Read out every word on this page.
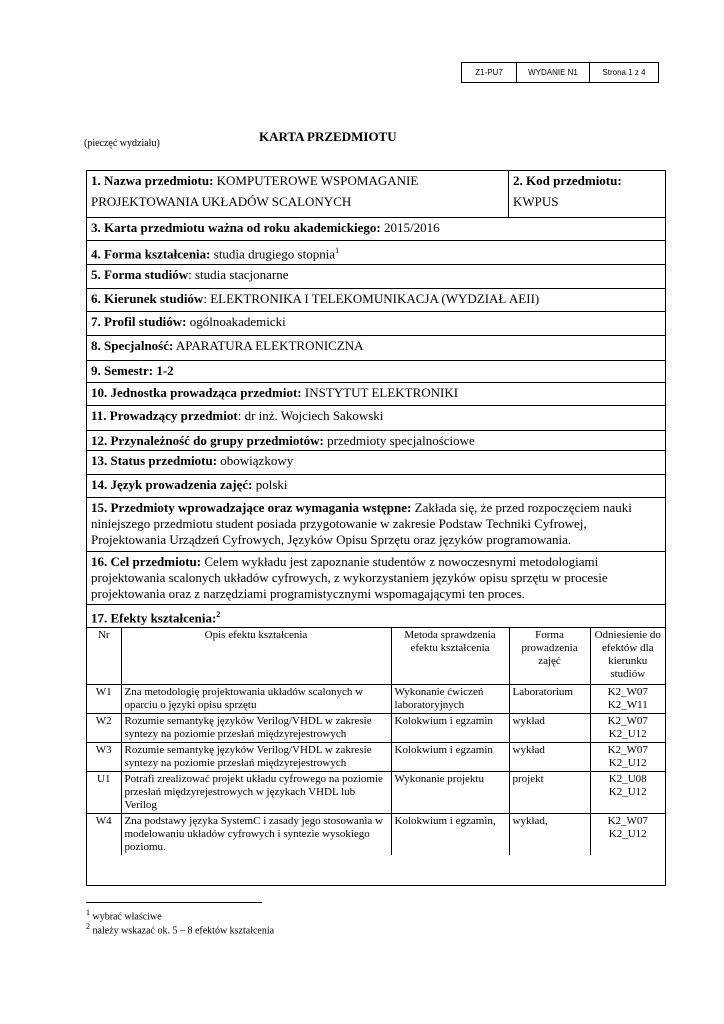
Z1-PU7	WYDANIE N1	Strona 1 z 4
(pieczęć wydziału)	KARTA PRZEDMIOTU
1. Nazwa przedmiotu: KOMPUTEROWE WSPOMAGANIE
PROJEKTOWANIA UKŁADÓW SCALONYCH
2. Kod przedmiotu:
KWPUS
3. Karta przedmiotu ważna od roku akademickiego: 2015/2016
4. Forma kształcenia: studia drugiego stopnia$^1$
5. Forma studiów: studia stacjonarne
6. Kierunek studiów: ELEKTRONIKA I TELEKOMUNIKACJA (WYDZIAŁ AEII)
7. Profil studiów: ogólnoakademicki
8. Specjalność: APARATURA ELEKTRONICZNA
9. Semestr: 1-2
10. Jednostka prowadząca przedmiot: INSTYTUT ELEKTRONIKI
11. Prowadzący przedmiot: dr inż. Wojciech Sakowski
12. Przynależność do grupy przedmiotów: przedmioty specjalnościowe
13. Status przedmiotu: obowiązkowy
14. Język prowadzenia zajęć: polski
15. Przedmioty wprowadzające oraz wymagania wstępne: Zakłada się, że przed rozpoczęciem nauki niniejszego przedmiotu student posiada przygotowanie w zakresie Podstaw Techniki Cyfrowej, Projektowania Urządzeń Cyfrowych, Języków Opisu Sprzętu oraz języków programowania.
16. Cel przedmiotu: Celem wykładu jest zapoznanie studentów z nowoczesnymi metodologiami projektowania scalonych układów cyfrowych, z wykorzystaniem języków opisu sprzętu w procesie projektowania oraz z narzędziami programistycznymi wspomagającymi ten proces.
17. Efekty kształcenia:$^2$
Nr	Opis efektu kształcenia	Metoda sprawdzenia efektu kształcenia	Forma prowadzenia zajęć	Odniesienie do efektów dla kierunku studiów
W1	Zna metodologię projektowania układów scalonych w oparciu o języki opisu sprzętu	Wykonanie ćwiczeń laboratoryjnych	Laboratorium	K2_W07
K2_W11

W2	Rozumie semantykę języków Verilog/VHDL w zakresie syntezy na poziomie przesłań międzyrejestrowych	Kolokwium i egzamin	wykład	K2_W07
K2_U12

W3	Rozumie semantykę języków Verilog/VHDL w zakresie syntezy na poziomie przesłań międzyrejestrowych	Kolokwium i egzamin	wykład	K2_W07
K2_U12

U1	Potrafi zrealizować projekt układu cyfrowego na poziomie przesłań międzyrejestrowych w językach VHDL lub Verilog	Wykonanie projektu	projekt	K2_U08
K2_U12

W4	Zna podstawy języka SystemC i zasady jego stosowania w modelowaniu układów cyfrowych i syntezie wysokiego poziomu.	Kolokwium i egzamin,	wykład,	K2_W07
K2_U12
$^1$ wybrać właściwe
$^2$ należy wskazać ok. 5 – 8 efektów kształcenia
